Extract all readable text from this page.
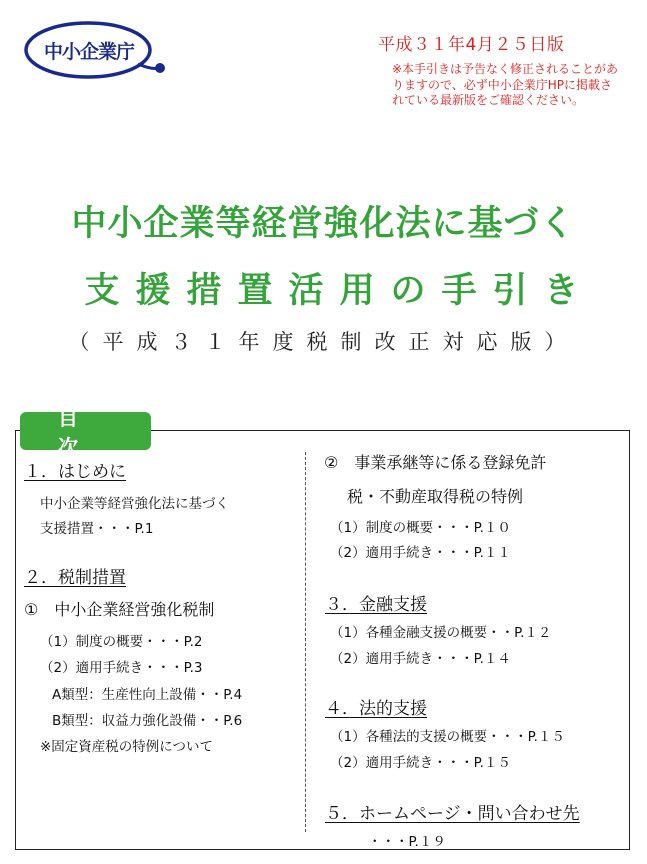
中小企業庁	平成３１年4月２５日版
※本手引きは予告なく修正されることがありますので、必ず中小企業庁HPに掲載されている最新版をご確認ください。
中小企業等経営強化法に基づく
支援措置活用の手引き
（平成３１年度税制改正対応版）
目次
１．はじめに
中小企業等経営強化法に基づく
支援措置・・・P.1
２．税制措置
①　中小企業経営強化税制
（1）制度の概要・・・P.2
（2）適用手続き・・・P.3
A類型：生産性向上設備・・P.4
B類型：収益力強化設備・・P.6
※固定資産税の特例について
②　事業承継等に係る登録免許
税・不動産取得税の特例
（1）制度の概要・・・P.１０
（2）適用手続き・・・P.１１
３．金融支援
（1）各種金融支援の概要・・P.１２
（2）適用手続き・・・P.１４
４．法的支援
（1）各種法的支援の概要・・・P.１５
（2）適用手続き・・・P.１５
５．ホームページ・問い合わせ先
・・・P.１９
